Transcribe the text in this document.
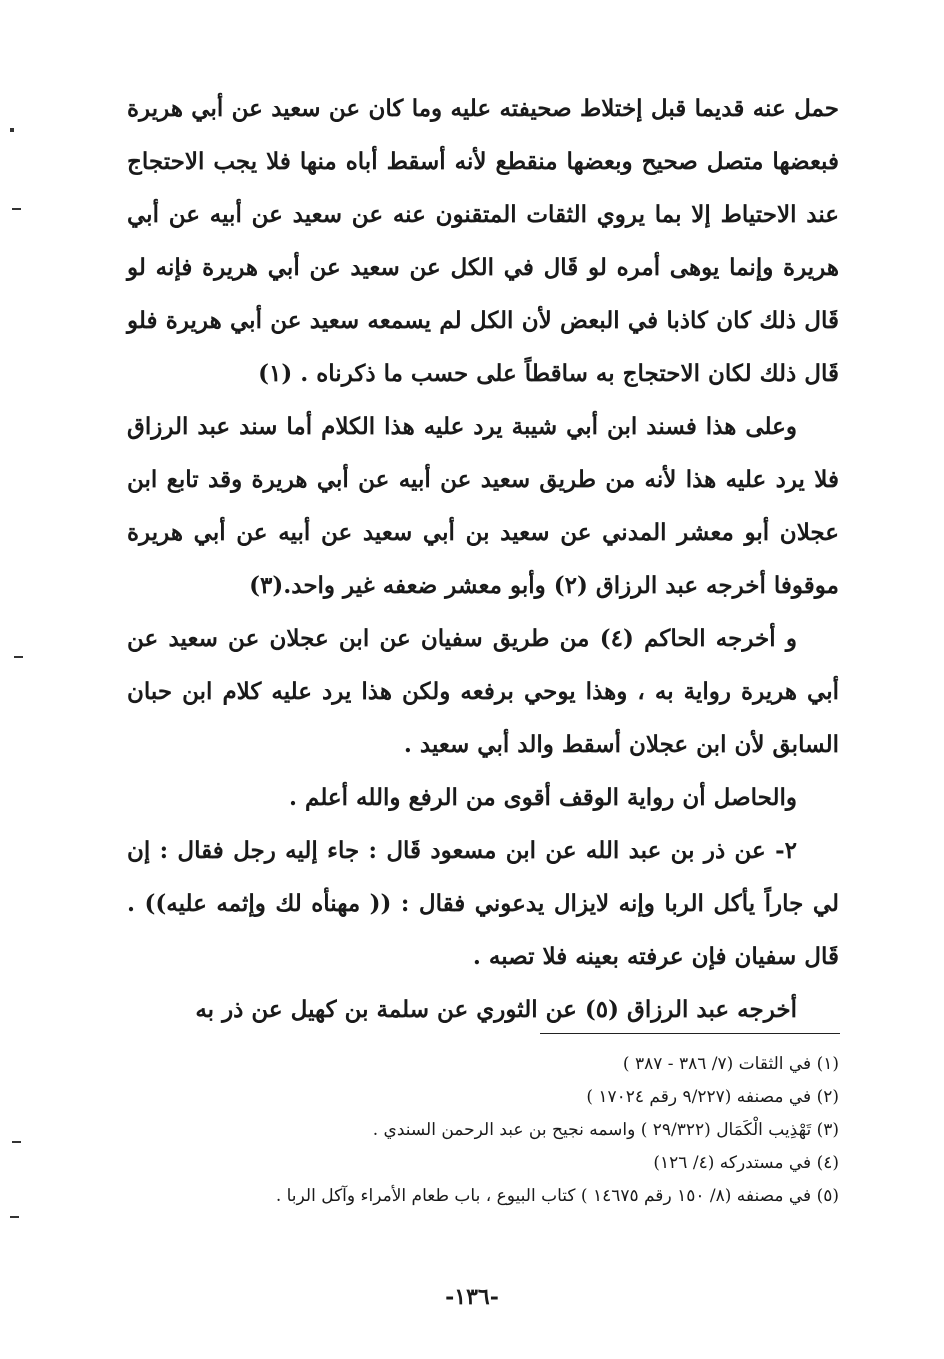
حمل عنه قديما قبل إختلاط صحيفته عليه وما كان عن سعيد عن أبي هريرة فبعضها متصل صحيح وبعضها منقطع لأنه أسقط أباه منها فلا يجب الاحتجاج عند الاحتياط إلا بما يروي الثقات المتقنون عنه عن سعيد عن أبيه عن أبي هريرة وإنما يوهى أمره لو قَال في الكل عن سعيد عن أبي هريرة فإنه لو قَال ذلك كان كاذبا في البعض لأن الكل لم يسمعه سعيد عن أبي هريرة فلو قَال ذلك لكان الاحتجاج به ساقطاً على حسب ما ذكرناه . (١)

وعلى هذا فسند ابن أبي شيبة يرد عليه هذا الكلام أما سند عبد الرزاق فلا يرد عليه هذا لأنه من طريق سعيد عن أبيه عن أبي هريرة وقد تابع ابن عجلان أبو معشر المدني عن سعيد بن أبي سعيد عن أبيه عن أبي هريرة موقوفا أخرجه عبد الرزاق (٢) وأبو معشر ضعفه غير واحد.(٣)

و أخرجه الحاكم (٤) من طريق سفيان عن ابن عجلان عن سعيد عن أبي هريرة رواية به ، وهذا يوحي برفعه ولكن هذا يرد عليه كلام ابن حبان السابق لأن ابن عجلان أسقط والد أبي سعيد .

والحاصل أن رواية الوقف أقوى من الرفع والله أعلم .

٢- عن ذر بن عبد الله عن ابن مسعود قَال : جاء إليه رجل فقال : إن لي جاراً يأكل الربا وإنه لايزال يدعوني فقال : (( مهنأه لك وإثمه عليه)) . قَال سفيان فإن عرفته بعينه فلا تصبه .

أخرجه عبد الرزاق (٥) عن الثوري عن سلمة بن كهيل عن ذر به

(١) في الثقات (٧/ ٣٨٦ - ٣٨٧ )

(٢) في مصنفه (٩/٢٢٧ رقم ١٧٠٢٤ )

(٣) تَهْذِيب الْكَمَال (٢٩/٣٢٢ ) واسمه نجيح بن عبد الرحمن السندي .

(٤) في مستدركه (٤/ ١٢٦)

(٥) في مصنفه (٨/ ١٥٠ رقم ١٤٦٧٥ ) كتاب البيوع ، باب طعام الأمراء وآكل الربا .

-١٣٦-
